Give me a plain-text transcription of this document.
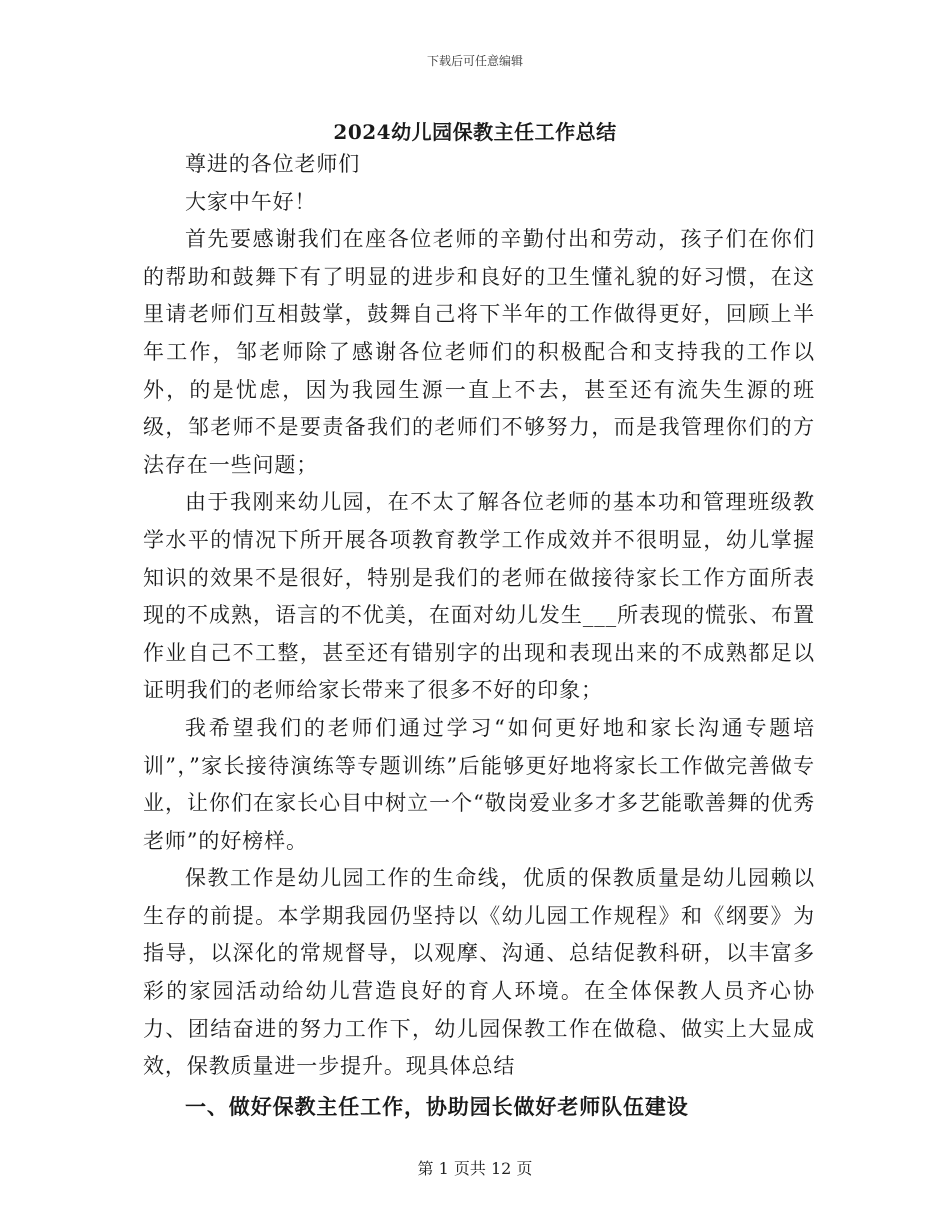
下载后可任意编辑
2024幼儿园保教主任工作总结

尊进的各位老师们

大家中午好！

首先要感谢我们在座各位老师的辛勤付出和劳动，孩子们在你们的帮助和鼓舞下有了明显的进步和良好的卫生懂礼貌的好习惯，在这里请老师们互相鼓掌，鼓舞自己将下半年的工作做得更好，回顾上半年工作，邹老师除了感谢各位老师们的积极配合和支持我的工作以外，的是忧虑，因为我园生源一直上不去，甚至还有流失生源的班级，邹老师不是要责备我们的老师们不够努力，而是我管理你们的方法存在一些问题；

由于我刚来幼儿园，在不太了解各位老师的基本功和管理班级教学水平的情况下所开展各项教育教学工作成效并不很明显，幼儿掌握知识的效果不是很好，特别是我们的老师在做接待家长工作方面所表现的不成熟，语言的不优美，在面对幼儿发生___所表现的慌张、布置作业自己不工整，甚至还有错别字的出现和表现出来的不成熟都足以证明我们的老师给家长带来了很多不好的印象；

我希望我们的老师们通过学习“如何更好地和家长沟通专题培训”，”家长接待演练等专题训练”后能够更好地将家长工作做完善做专业，让你们在家长心目中树立一个“敬岗爱业多才多艺能歌善舞的优秀老师”的好榜样。

保教工作是幼儿园工作的生命线，优质的保教质量是幼儿园赖以生存的前提。本学期我园仍坚持以《幼儿园工作规程》和《纲要》为指导，以深化的常规督导，以观摩、沟通、总结促教科研，以丰富多彩的家园活动给幼儿营造良好的育人环境。在全体保教人员齐心协力、团结奋进的努力工作下，幼儿园保教工作在做稳、做实上大显成效，保教质量进一步提升。现具体总结

一、做好保教主任工作，协助园长做好老师队伍建设

第 1 页共 12 页
